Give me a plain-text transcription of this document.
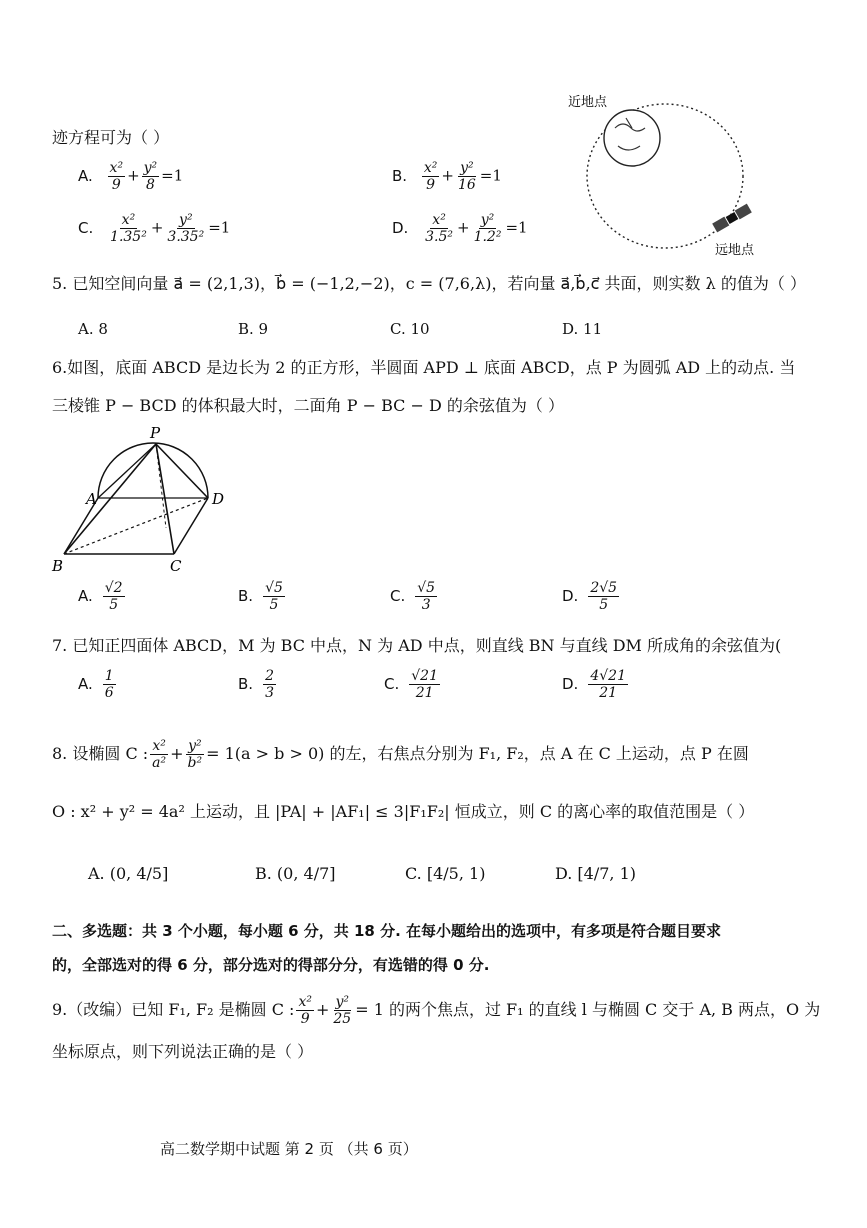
迹方程可为（ ）
A. $\frac{\text{x²}}{9} + \frac{\text{y²}}{8} =1$	B. $\frac{\text{x²}}{9} + \frac{\text{y²}}{16} =1$
C. $\frac{\text{x²}}{\text{1.35²}} + \frac{\text{y²}}{\text{3.35²}} =1$	D. $\frac{\text{x²}}{\text{3.5²}} + \frac{\text{y²}}{\text{1.2²}} =1$
近地点
远地点
5. 已知空间向量 a⃗ = (2,1,3)，b⃗ = (−1,2,−2)，c = (7,6,λ)，若向量 a⃗,b⃗,c⃗ 共面，则实数 λ 的值为（ ）
A. 8	B. 9	C. 10	D. 11
6.如图，底面 ABCD 是边长为 2 的正方形，半圆面 APD ⊥ 底面 ABCD，点 P 为圆弧 AD 上的动点. 当
三棱锥 P − BCD 的体积最大时，二面角 P − BC − D 的余弦值为（ ）
P
A
B	C
D
A. $\frac{√2}{5}$	B. $\frac{√5}{5}$	C. $\frac{√5}{3}$	D. $\frac{2√5}{5}$
7. 已知正四面体 ABCD，M 为 BC 中点，N 为 AD 中点，则直线 BN 与直线 DM 所成角的余弦值为(
A. $\frac{1}{6}$	B. $\frac{2}{3}$	C. $\frac{√21}{21}$	D. $\frac{4√21}{21}$
8. 设椭圆 C : $\frac{\text{x²}}{\text{a²}} + \frac{\text{y²}}{\text{b²}} = 1(a > b > 0)$ 的左，右焦点分别为 F₁, F₂，点 A 在 C 上运动，点 P 在圆
O : x² + y² = 4a² 上运动，且 |PA| + |AF₁| ≤ 3|F₁F₂| 恒成立，则 C 的离心率的取值范围是（ ）
A. (0, 4/5]	B. (0, 4/7]	C. [4/5, 1)	D. [4/7, 1)
二、多选题：共 3 个小题，每小题 6 分，共 18 分. 在每小题给出的选项中，有多项是符合题目要求
的，全部选对的得 6 分，部分选对的得部分分，有选错的得 0 分.
9.（改编）已知 F₁, F₂ 是椭圆 C : $\frac{\text{x²}}{9} + \frac{\text{y²}}{25} = 1$ 的两个焦点，过 F₁ 的直线 l 与椭圆 C 交于 A, B 两点，O 为
坐标原点，则下列说法正确的是（ ）
高二数学期中试题 第 2 页 （共 6 页）
